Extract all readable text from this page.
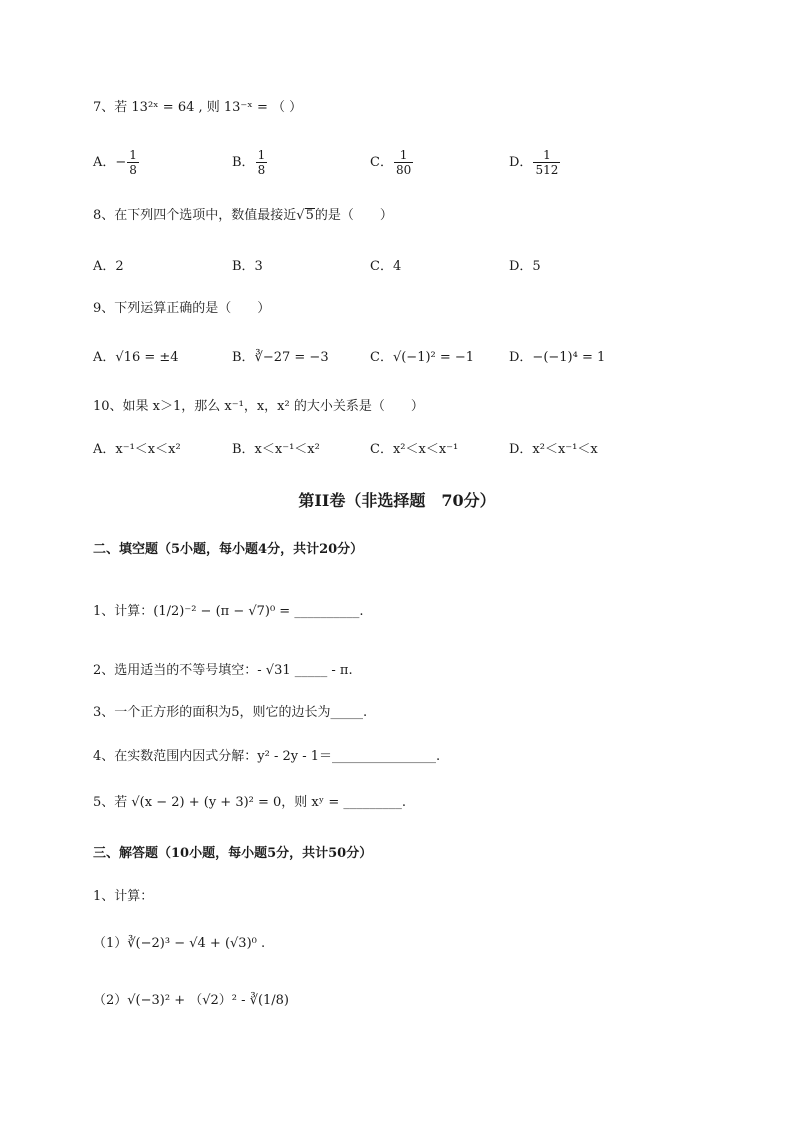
7、若 13²ˣ = 64 , 则 13⁻ˣ = （ ）
A．− $\frac{1}{8}$	B． $\frac{1}{8}$	C． $\frac{1}{80}$	D． $\frac{1}{512}$
8、在下列四个选项中，数值最接近√5的是（　　）
A．2	B．3	C．4	D．5
9、下列运算正确的是（　　）
A．√16 = ±4	B．∛−27 = −3	C．√(−1)² = −1	D．−(−1)⁴ = 1
10、如果 x＞1，那么 x⁻¹，x，x² 的大小关系是（　　）
A．x⁻¹＜x＜x²	B．x＜x⁻¹＜x²	C．x²＜x＜x⁻¹	D．x²＜x⁻¹＜x
第II卷（非选择题　70分）
二、填空题（5小题，每小题4分，共计20分）
1、计算：(1/2)⁻² − (π − √7)⁰ = __________.
2、选用适当的不等号填空：- √31 _____ - π.
3、一个正方形的面积为5，则它的边长为_____.
4、在实数范围内因式分解：y² - 2y - 1＝________________.
5、若 √(x − 2) + (y + 3)² = 0，则 xʸ = _________.
三、解答题（10小题，每小题5分，共计50分）
1、计算：
（1）∛(−2)³ − √4 + (√3)⁰ .
（2）√(−3)² + （√2）² - ∛(1/8)
